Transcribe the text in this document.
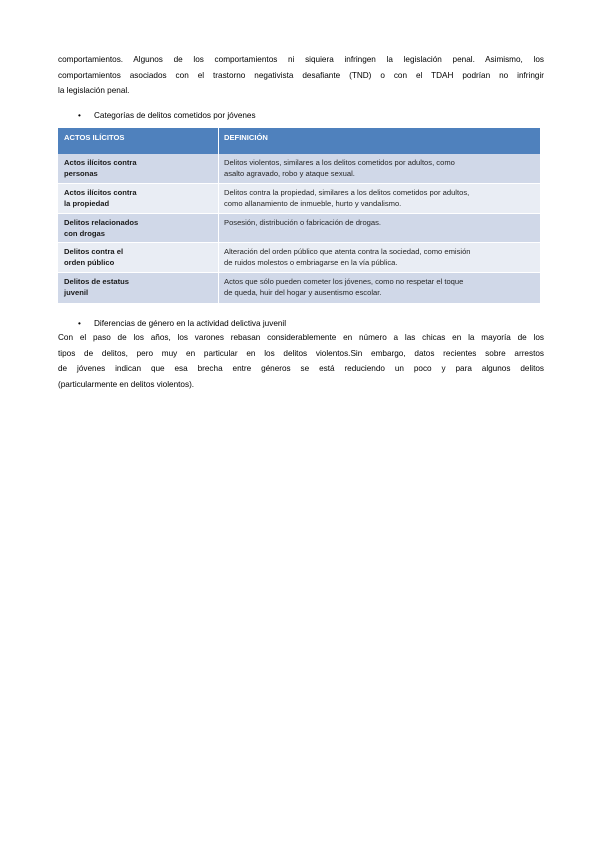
comportamientos. Algunos de los comportamientos ni siquiera infringen la legislación penal. Asimismo, los
comportamientos asociados con el trastorno negativista desafiante (TND) o con el TDAH podrían no infringir
la legislación penal.
• Categorías de delitos cometidos por jóvenes
ACTOS ILÍCITOS	DEFINICIÓN
Actos ilícitos contra
personas
Delitos violentos, similares a los delitos cometidos por adultos, como
asalto agravado, robo y ataque sexual.
Actos ilícitos contra
la propiedad
Delitos contra la propiedad, similares a los delitos cometidos por adultos,
como allanamiento de inmueble, hurto y vandalismo.
Delitos relacionados
con drogas
Posesión, distribución o fabricación de drogas.

Delitos contra el
orden público
Alteración del orden público que atenta contra la sociedad, como emisión
de ruidos molestos o embriagarse en la vía pública.
Delitos de estatus
juvenil
Actos que sólo pueden cometer los jóvenes, como no respetar el toque
de queda, huir del hogar y ausentismo escolar.
• Diferencias de género en la actividad delictiva juvenil
Con el paso de los años, los varones rebasan considerablemente en número a las chicas en la mayoría de los
tipos de delitos, pero muy en particular en los delitos violentos.Sin embargo, datos recientes sobre arrestos
de jóvenes indican que esa brecha entre géneros se está reduciendo un poco y para algunos delitos
(particularmente en delitos violentos).
